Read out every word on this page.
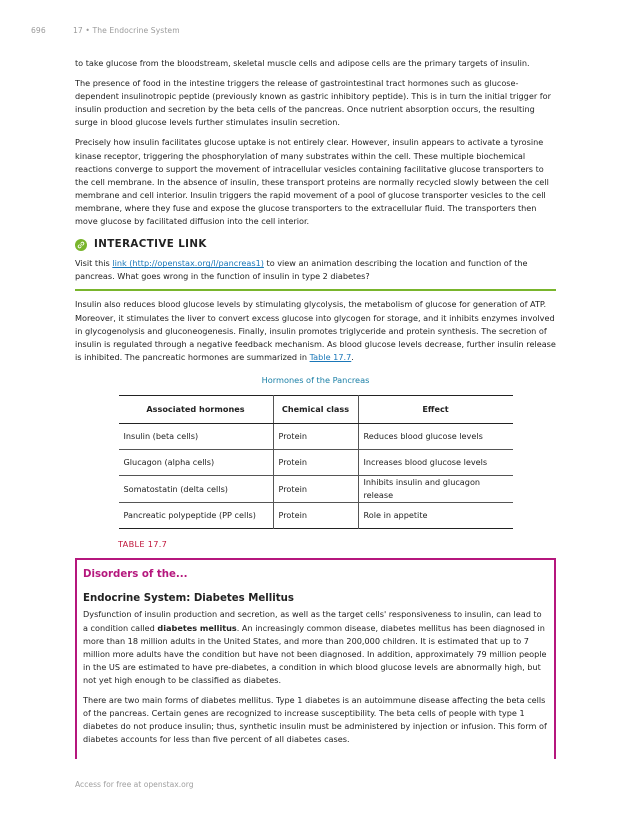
696	17 • The Endocrine System

to take glucose from the bloodstream, skeletal muscle cells and adipose cells are the primary targets of insulin.

The presence of food in the intestine triggers the release of gastrointestinal tract hormones such as glucose-dependent insulinotropic peptide (previously known as gastric inhibitory peptide). This is in turn the initial trigger for insulin production and secretion by the beta cells of the pancreas. Once nutrient absorption occurs, the resulting surge in blood glucose levels further stimulates insulin secretion.

Precisely how insulin facilitates glucose uptake is not entirely clear. However, insulin appears to activate a tyrosine kinase receptor, triggering the phosphorylation of many substrates within the cell. These multiple biochemical reactions converge to support the movement of intracellular vesicles containing facilitative glucose transporters to the cell membrane. In the absence of insulin, these transport proteins are normally recycled slowly between the cell membrane and cell interior. Insulin triggers the rapid movement of a pool of glucose transporter vesicles to the cell membrane, where they fuse and expose the glucose transporters to the extracellular fluid. The transporters then move glucose by facilitated diffusion into the cell interior.

INTERACTIVE LINK
Visit this link (http://openstax.org/l/pancreas1) to view an animation describing the location and function of the pancreas. What goes wrong in the function of insulin in type 2 diabetes?

Insulin also reduces blood glucose levels by stimulating glycolysis, the metabolism of glucose for generation of ATP. Moreover, it stimulates the liver to convert excess glucose into glycogen for storage, and it inhibits enzymes involved in glycogenolysis and gluconeogenesis. Finally, insulin promotes triglyceride and protein synthesis. The secretion of insulin is regulated through a negative feedback mechanism. As blood glucose levels decrease, further insulin release is inhibited. The pancreatic hormones are summarized in Table 17.7.

Hormones of the Pancreas
Associated hormones	Chemical class	Effect
Insulin (beta cells)	Protein	Reduces blood glucose levels
Glucagon (alpha cells)	Protein	Increases blood glucose levels
Somatostatin (delta cells)	Protein	Inhibits insulin and glucagon release
Pancreatic polypeptide (PP cells)	Protein	Role in appetite
TABLE 17.7
Disorders of the...
Endocrine System: Diabetes Mellitus

Dysfunction of insulin production and secretion, as well as the target cells' responsiveness to insulin, can lead to a condition called diabetes mellitus. An increasingly common disease, diabetes mellitus has been diagnosed in more than 18 million adults in the United States, and more than 200,000 children. It is estimated that up to 7 million more adults have the condition but have not been diagnosed. In addition, approximately 79 million people in the US are estimated to have pre-diabetes, a condition in which blood glucose levels are abnormally high, but not yet high enough to be classified as diabetes.

There are two main forms of diabetes mellitus. Type 1 diabetes is an autoimmune disease affecting the beta cells of the pancreas. Certain genes are recognized to increase susceptibility. The beta cells of people with type 1 diabetes do not produce insulin; thus, synthetic insulin must be administered by injection or infusion. This form of diabetes accounts for less than five percent of all diabetes cases.

Access for free at openstax.org
